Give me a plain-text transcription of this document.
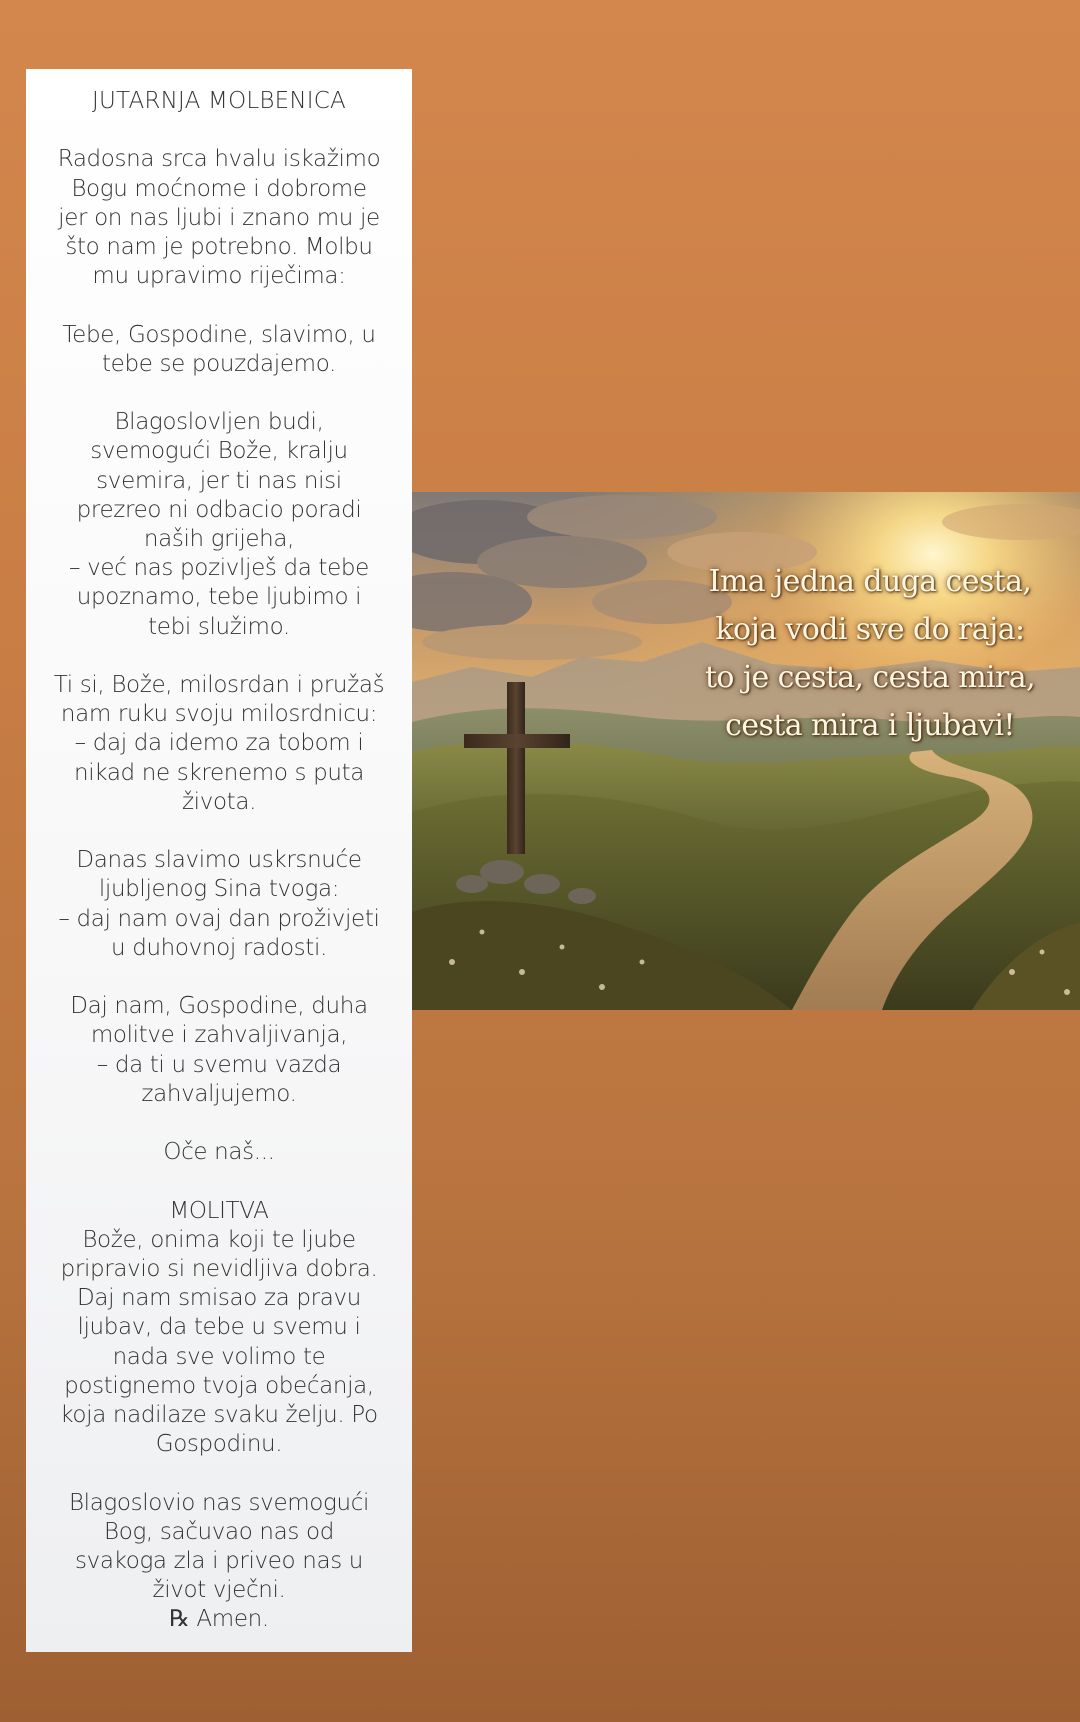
JUTARNJA MOLBENICA

Radosna srca hvalu iskažimo
Bogu moćnome i dobrome
jer on nas ljubi i znano mu je
što nam je potrebno. Molbu
mu upravimo riječima:

Tebe, Gospodine, slavimo, u
tebe se pouzdajemo.

Blagoslovljen budi,
svemogući Bože, kralju
svemira, jer ti nas nisi
prezreo ni odbacio poradi
naših grijeha,
– već nas pozivlješ da tebe
upoznamo, tebe ljubimo i
tebi služimo.

Ti si, Bože, milosrdan i pružaš
nam ruku svoju milosrdnicu:
– daj da idemo za tobom i
nikad ne skrenemo s puta
života.

Danas slavimo uskrsnuće
ljubljenog Sina tvoga:
– daj nam ovaj dan proživjeti
u duhovnoj radosti.

Daj nam, Gospodine, duha
molitve i zahvaljivanja,
– da ti u svemu vazda
zahvaljujemo.

Oče naš...

MOLITVA
Bože, onima koji te ljube
pripravio si nevidljiva dobra.
Daj nam smisao za pravu
ljubav, da tebe u svemu i
nada sve volimo te
postignemo tvoja obećanja,
koja nadilaze svaku želju. Po
Gospodinu.

Blagoslovio nas svemogući
Bog, sačuvao nas od
svakoga zla i priveo nas u
život vječni.
℞ Amen.

Ima jedna duga cesta,
koja vodi sve do raja:
to je cesta, cesta mira,
cesta mira i ljubavi!
